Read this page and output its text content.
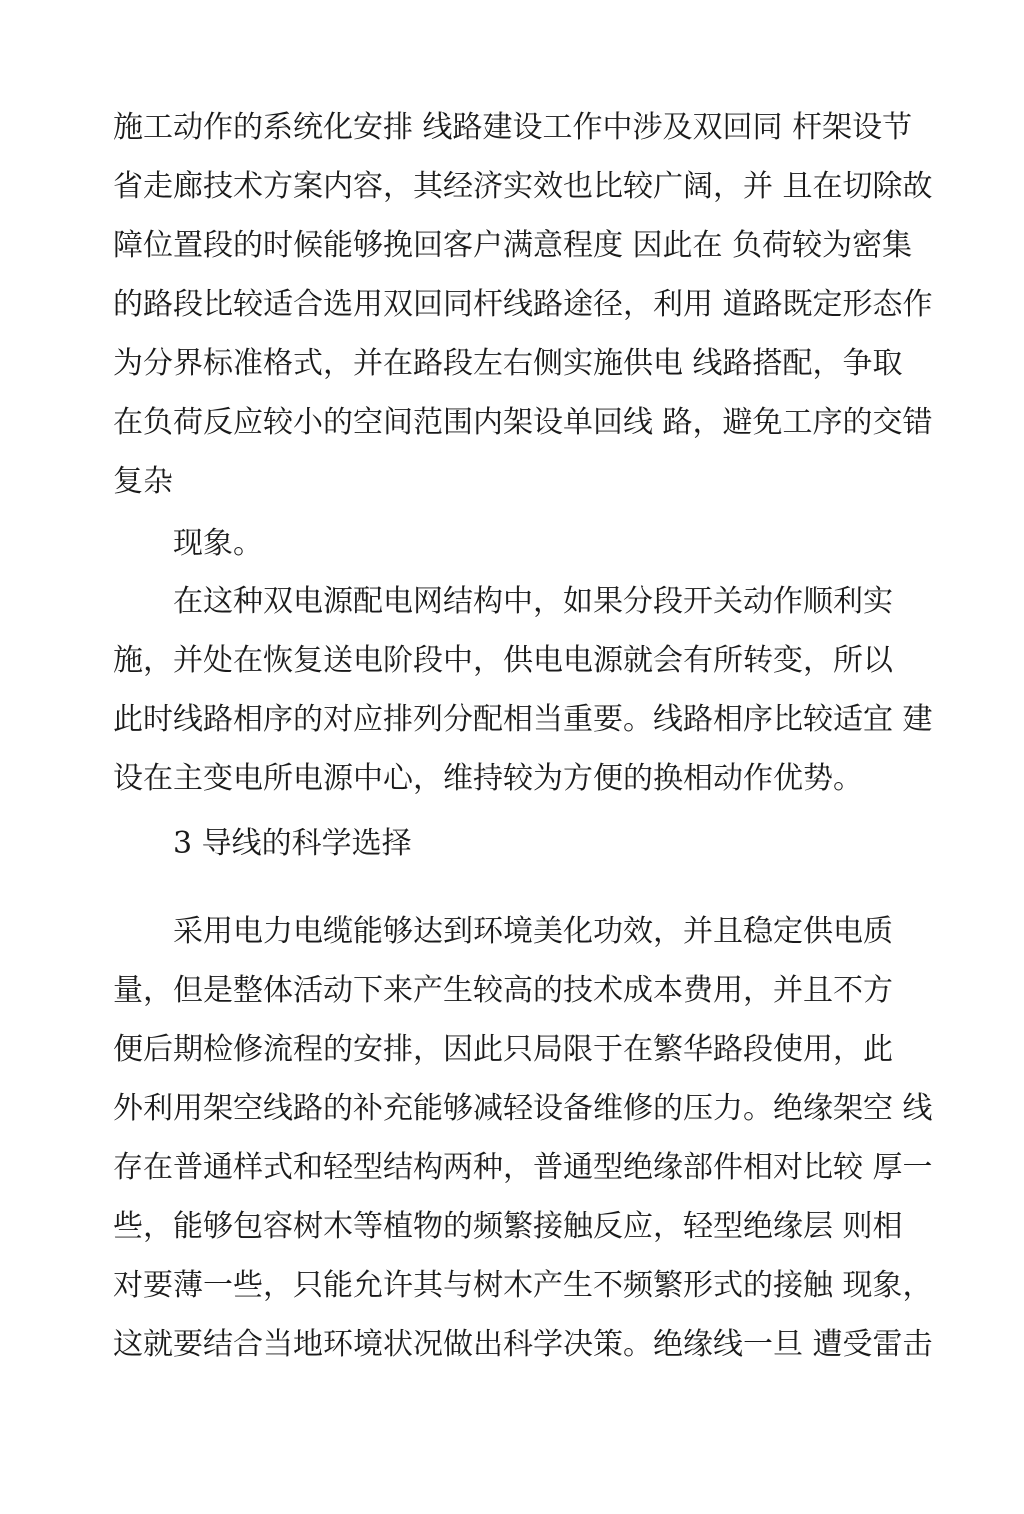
施工动作的系统化安排 线路建设工作中涉及双回同 杆架设节
省走廊技术方案内容，其经济实效也比较广阔，并 且在切除故
障位置段的时候能够挽回客户满意程度 因此在 负荷较为密集
的路段比较适合选用双回同杆线路途径，利用 道路既定形态作
为分界标准格式，并在路段左右侧实施供电 线路搭配，争取
在负荷反应较小的空间范围内架设单回线 路，避免工序的交错
复杂
现象。
在这种双电源配电网结构中，如果分段开关动作顺利实
施，并处在恢复送电阶段中，供电电源就会有所转变，所以
此时线路相序的对应排列分配相当重要。线路相序比较适宜 建
设在主变电所电源中心，维持较为方便的换相动作优势。
3 导线的科学选择
采用电力电缆能够达到环境美化功效，并且稳定供电质
量，但是整体活动下来产生较高的技术成本费用，并且不方
便后期检修流程的安排，因此只局限于在繁华路段使用，此
外利用架空线路的补充能够减轻设备维修的压力。绝缘架空 线
存在普通样式和轻型结构两种，普通型绝缘部件相对比较 厚一
些，能够包容树木等植物的频繁接触反应，轻型绝缘层 则相
对要薄一些，只能允许其与树木产生不频繁形式的接触 现象，
这就要结合当地环境状况做出科学决策。绝缘线一旦 遭受雷击
